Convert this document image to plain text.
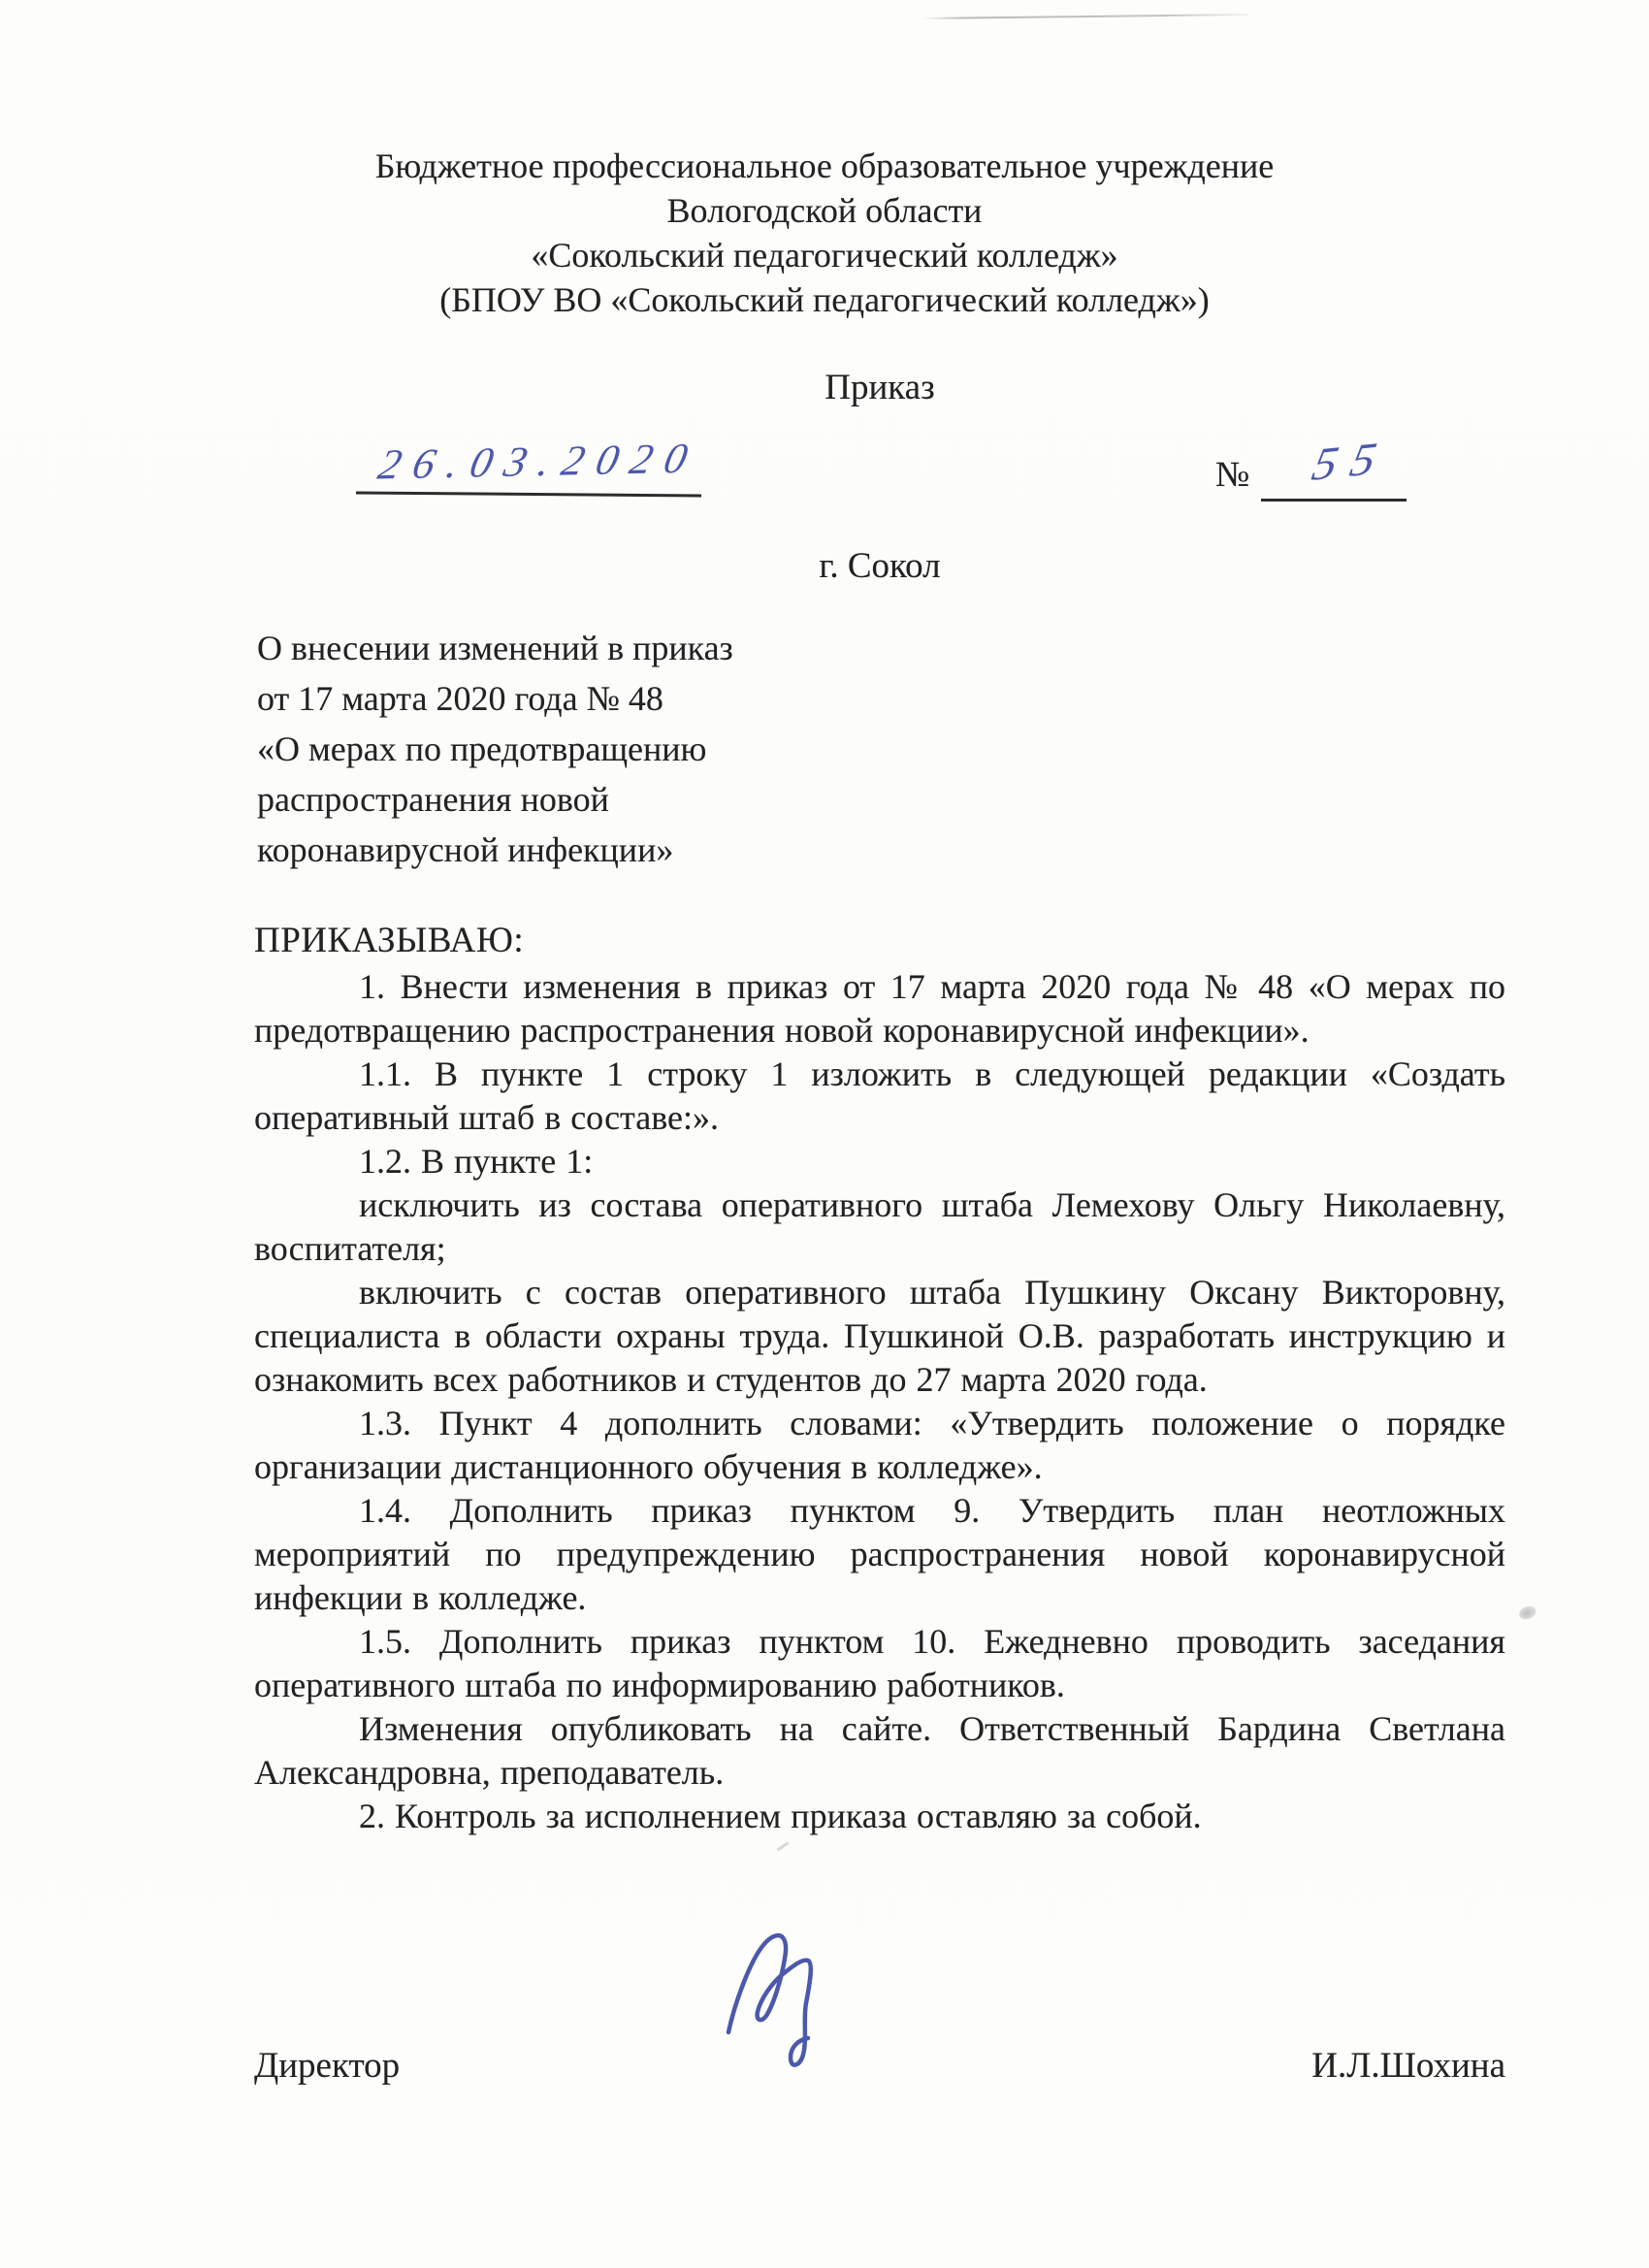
Бюджетное профессиональное образовательное учреждение
Вологодской области
«Сокольский педагогический колледж»
(БПОУ ВО «Сокольский педагогический колледж»)
Приказ
26.03.2020	№ 55
г. Сокол
О внесении изменений в приказ
от 17 марта 2020 года № 48
«О мерах по предотвращению
распространения новой
коронавирусной инфекции»
ПРИКАЗЫВАЮ:

1. Внести изменения в приказ от 17 марта 2020 года № 48 «О мерах по предотвращению распространения новой коронавирусной инфекции».

1.1. В пункте 1 строку 1 изложить в следующей редакции «Создать оперативный штаб в составе:».

1.2. В пункте 1:

исключить из состава оперативного штаба Лемехову Ольгу Николаевну, воспитателя;

включить с состав оперативного штаба Пушкину Оксану Викторовну, специалиста в области охраны труда. Пушкиной О.В. разработать инструкцию и ознакомить всех работников и студентов до 27 марта 2020 года.

1.3. Пункт 4 дополнить словами: «Утвердить положение о порядке организации дистанционного обучения в колледже».

1.4. Дополнить приказ пунктом 9. Утвердить план неотложных мероприятий по предупреждению распространения новой коронавирусной инфекции в колледже.

1.5. Дополнить приказ пунктом 10. Ежедневно проводить заседания оперативного штаба по информированию работников.

Изменения опубликовать на сайте. Ответственный Бардина Светлана Александровна, преподаватель.

2. Контроль за исполнением приказа оставляю за собой.

Директор	И.Л.Шохина
